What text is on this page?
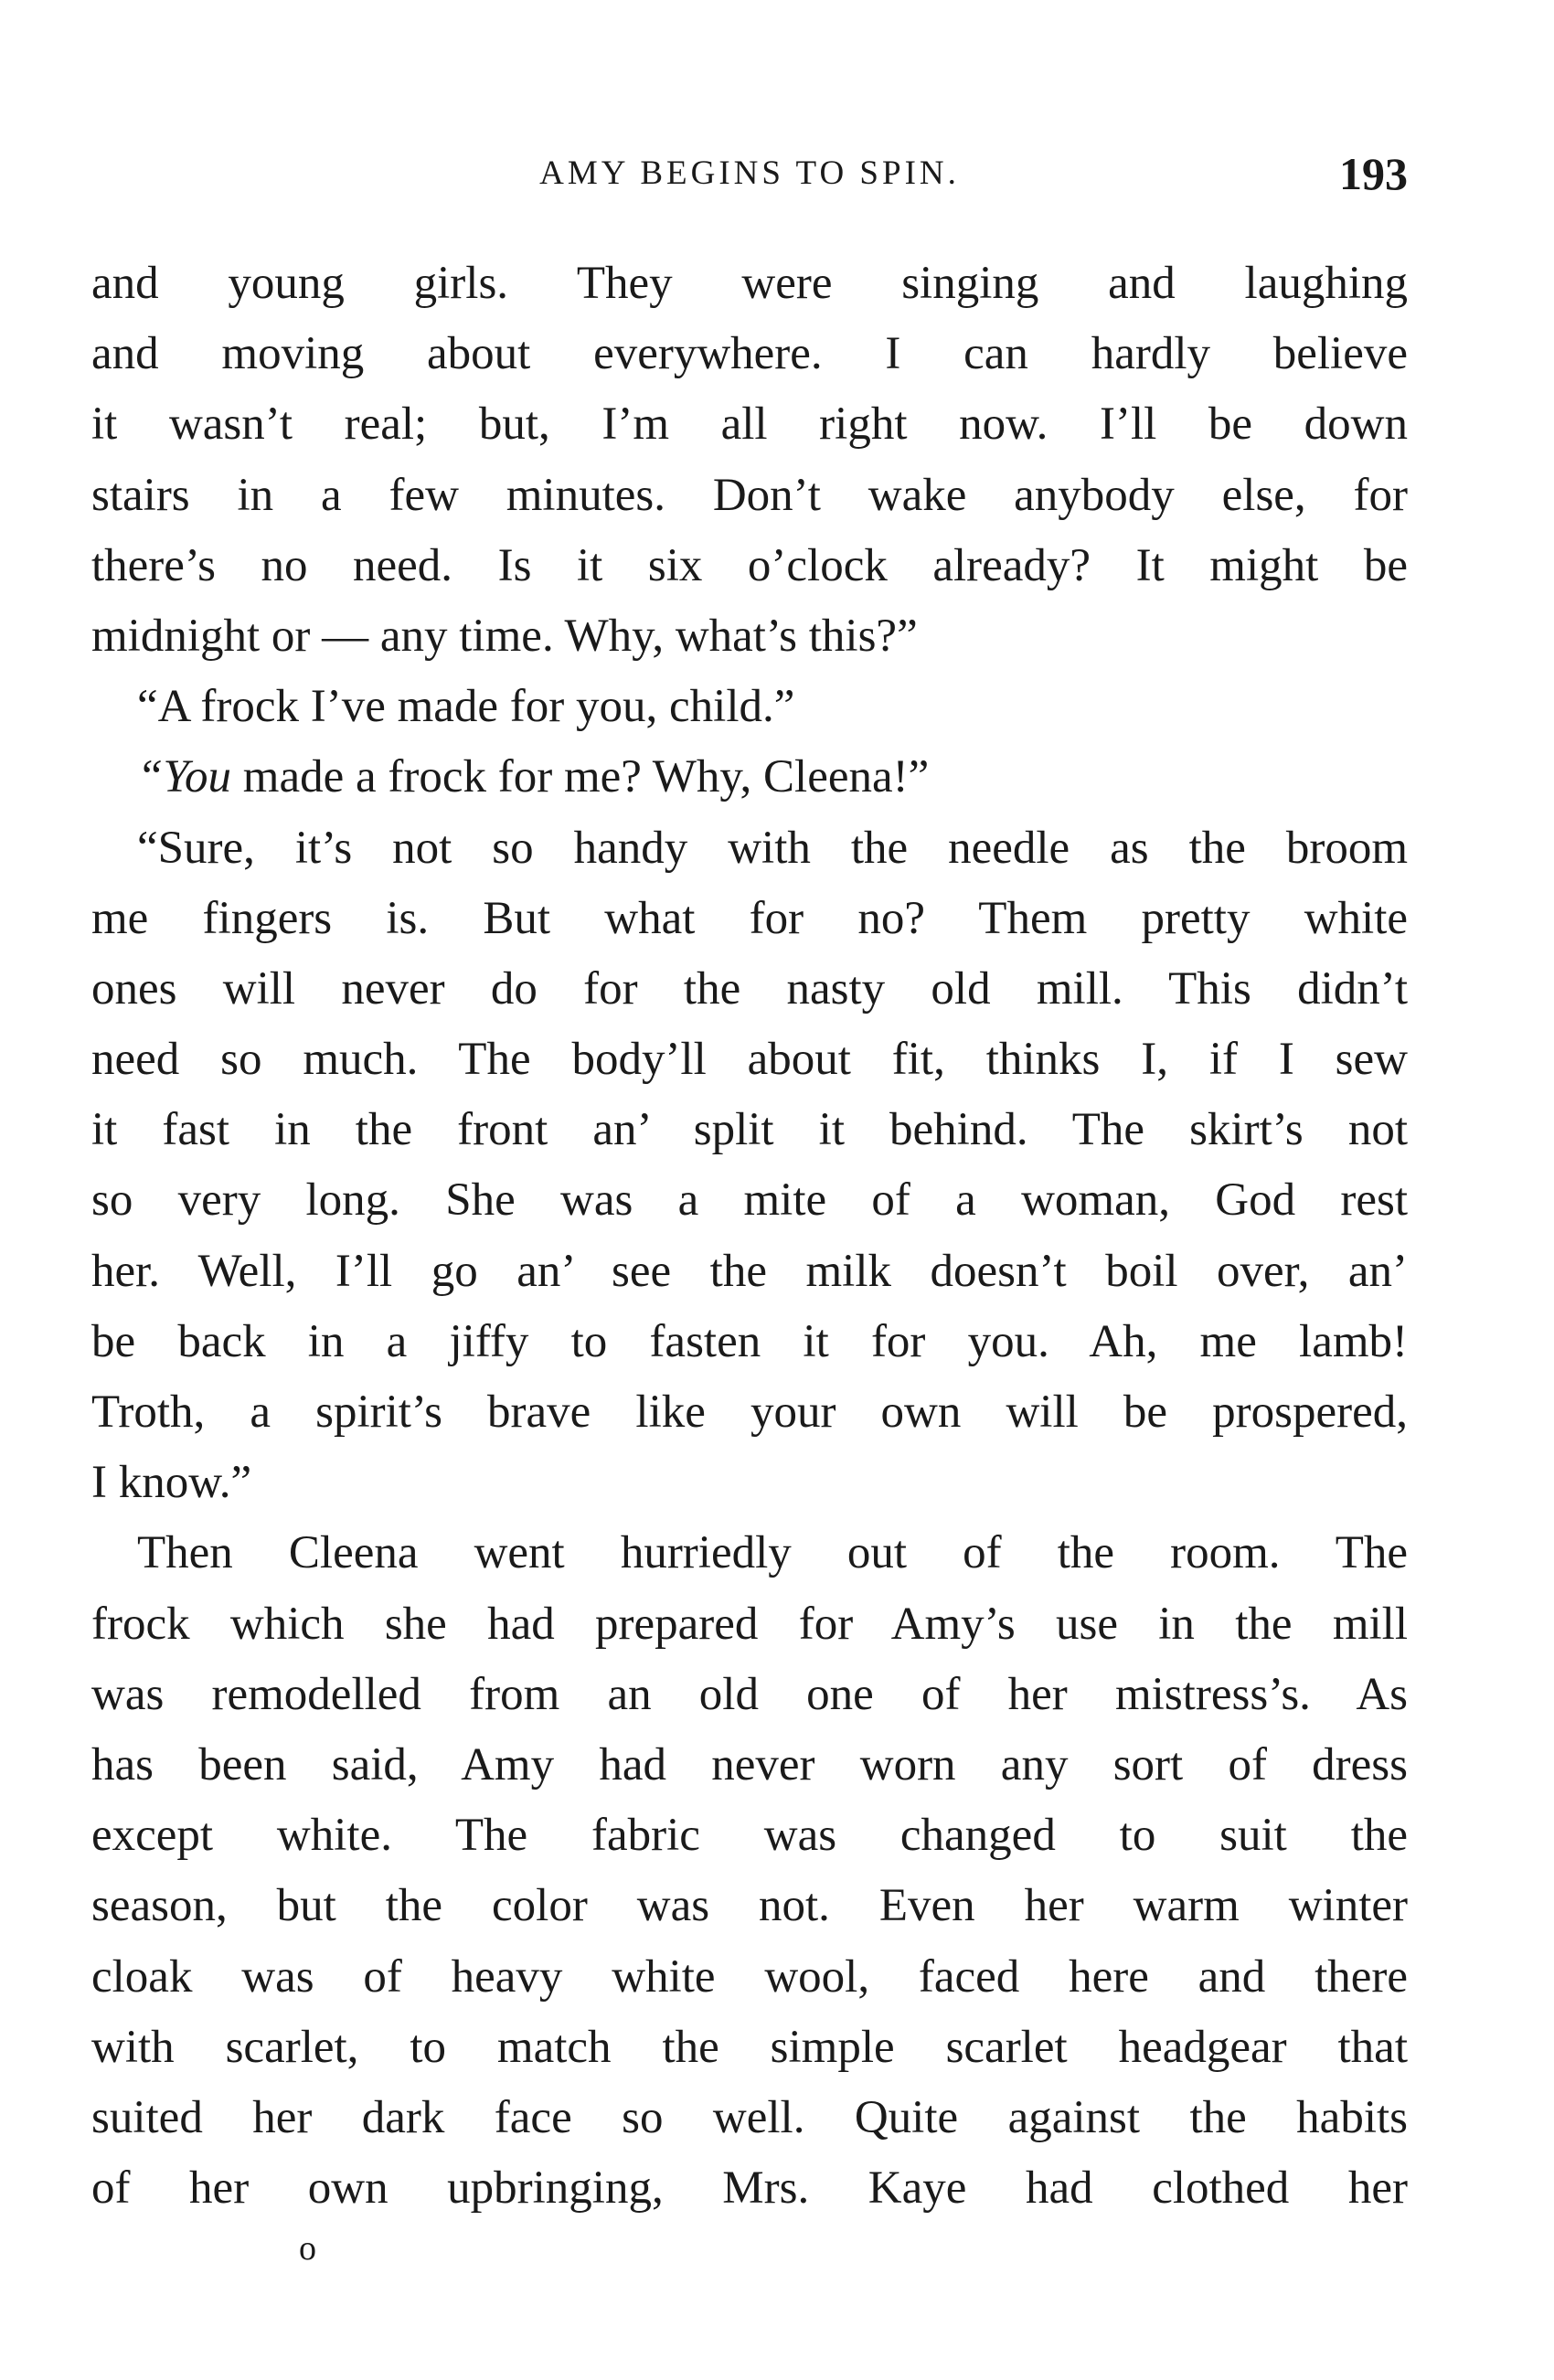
AMY BEGINS TO SPIN.	193
and young girls. They were singing and laughing
and moving about everywhere. I can hardly believe
it wasn’t real; but, I’m all right now. I’ll be down
stairs in a few minutes. Don’t wake anybody else, for
there’s no need. Is it six o’clock already? It might be
midnight or — any time. Why, what’s this?”
“A frock I’ve made for you, child.”
“You made a frock for me? Why, Cleena!”
“Sure, it’s not so handy with the needle as the broom
me fingers is. But what for no? Them pretty white
ones will never do for the nasty old mill. This didn’t
need so much. The body’ll about fit, thinks I, if I sew
it fast in the front an’ split it behind. The skirt’s not
so very long. She was a mite of a woman, God rest
her. Well, I’ll go an’ see the milk doesn’t boil over, an’
be back in a jiffy to fasten it for you. Ah, me lamb!
Troth, a spirit’s brave like your own will be prospered,
I know.”
Then Cleena went hurriedly out of the room. The
frock which she had prepared for Amy’s use in the mill
was remodelled from an old one of her mistress’s. As
has been said, Amy had never worn any sort of dress
except white. The fabric was changed to suit the
season, but the color was not. Even her warm winter
cloak was of heavy white wool, faced here and there
with scarlet, to match the simple scarlet headgear that
suited her dark face so well. Quite against the habits
of her own upbringing, Mrs. Kaye had clothed her
o
